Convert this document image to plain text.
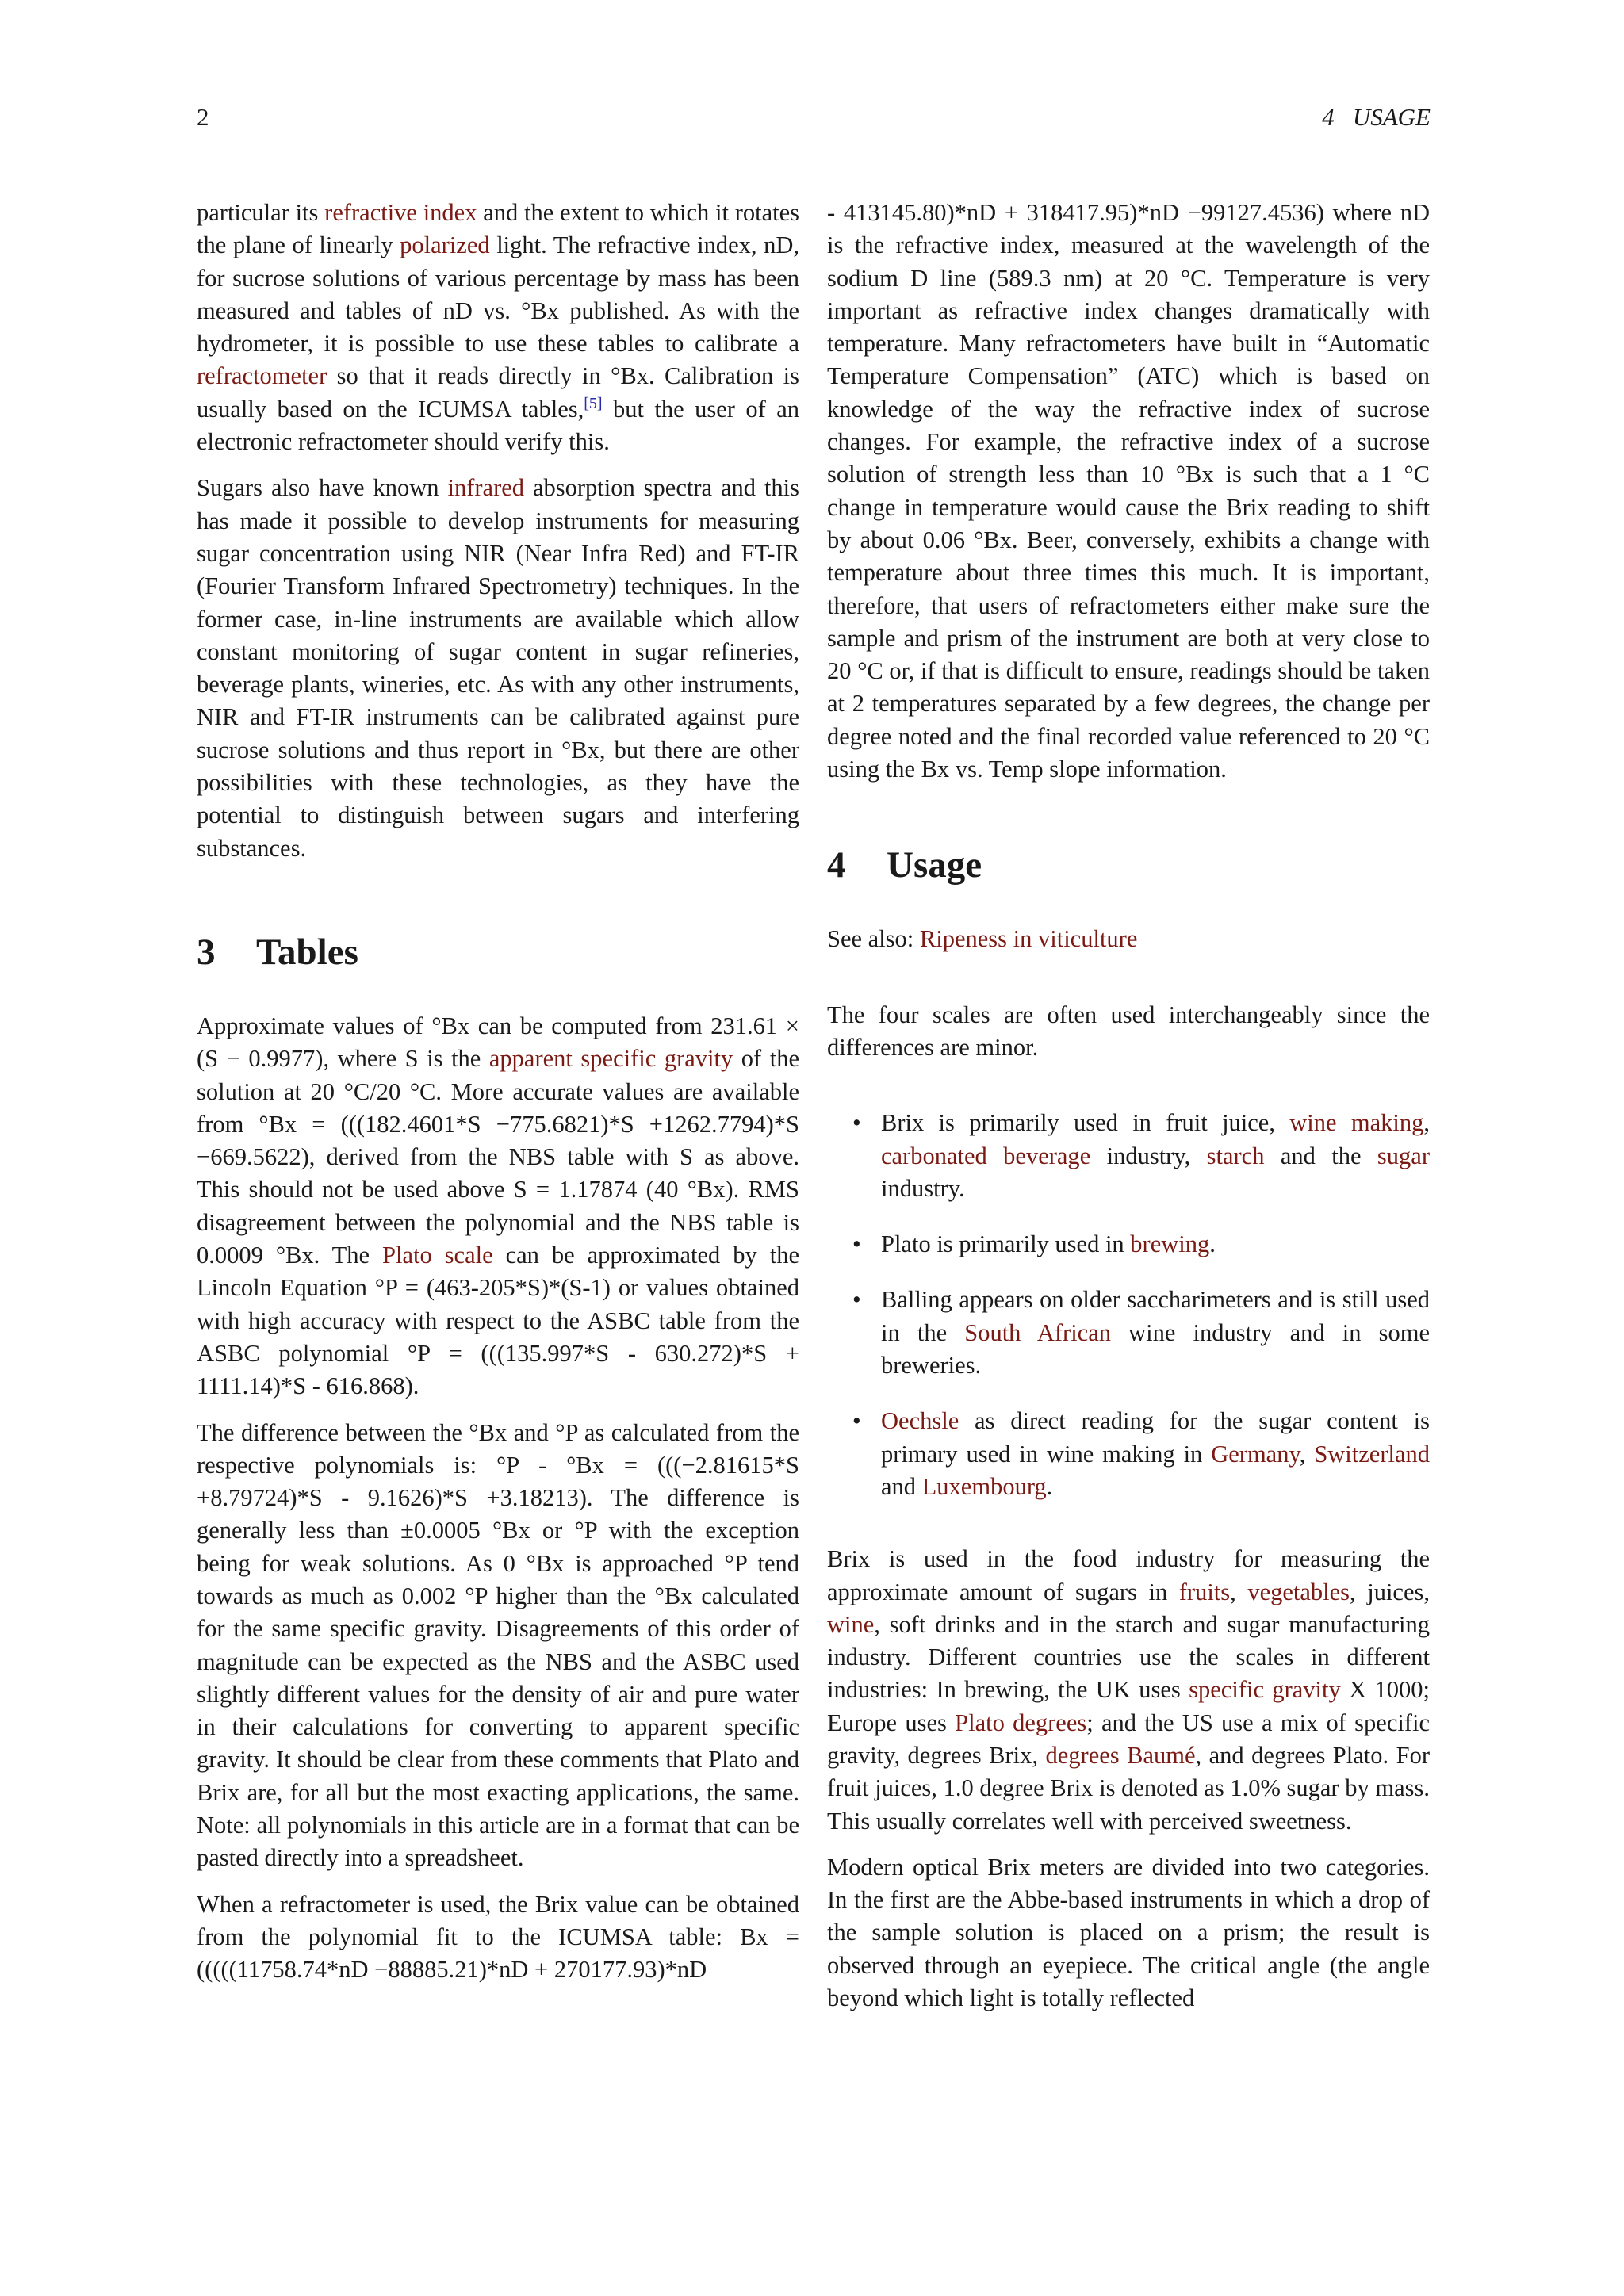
2	4   USAGE

particular its refractive index and the extent to which it rotates the plane of linearly polarized light. The refractive index, nD, for sucrose solutions of various percentage by mass has been measured and tables of nD vs. °Bx published. As with the hydrometer, it is possible to use these tables to calibrate a refractometer so that it reads directly in °Bx. Calibration is usually based on the ICUMSA tables,[5] but the user of an electronic refractometer should verify this.

Sugars also have known infrared absorption spectra and this has made it possible to develop instruments for measuring sugar concentration using NIR (Near Infra Red) and FT-IR (Fourier Transform Infrared Spectrometry) techniques. In the former case, in-line instruments are available which allow constant monitoring of sugar content in sugar refineries, beverage plants, wineries, etc. As with any other instruments, NIR and FT-IR instruments can be calibrated against pure sucrose solutions and thus report in °Bx, but there are other possibilities with these technologies, as they have the potential to distinguish between sugars and interfering substances.

3	Tables

Approximate values of °Bx can be computed from 231.61 × (S − 0.9977), where S is the apparent specific gravity of the solution at 20 °C/20 °C. More accurate values are available from °Bx = (((182.4601*S −775.6821)*S +1262.7794)*S −669.5622), derived from the NBS table with S as above. This should not be used above S = 1.17874 (40 °Bx). RMS disagreement between the polynomial and the NBS table is 0.0009 °Bx. The Plato scale can be approximated by the Lincoln Equation °P = (463-205*S)*(S-1) or values obtained with high accuracy with respect to the ASBC table from the ASBC polynomial °P = (((135.997*S - 630.272)*S + 1111.14)*S - 616.868).

The difference between the °Bx and °P as calculated from the respective polynomials is: °P - °Bx = (((−2.81615*S +8.79724)*S - 9.1626)*S +3.18213). The difference is generally less than ±0.0005 °Bx or °P with the exception being for weak solutions. As 0 °Bx is approached °P tend towards as much as 0.002 °P higher than the °Bx calculated for the same specific gravity. Disagreements of this order of magnitude can be expected as the NBS and the ASBC used slightly different values for the density of air and pure water in their calculations for converting to apparent specific gravity. It should be clear from these comments that Plato and Brix are, for all but the most exacting applications, the same. Note: all polynomials in this article are in a format that can be pasted directly into a spreadsheet.

When a refractometer is used, the Brix value can be obtained from the polynomial fit to the ICUMSA table: Bx = (((((11758.74*nD −88885.21)*nD + 270177.93)*nD

- 413145.80)*nD + 318417.95)*nD −99127.4536) where nD is the refractive index, measured at the wavelength of the sodium D line (589.3 nm) at 20 °C. Temperature is very important as refractive index changes dramatically with temperature. Many refractometers have built in “Automatic Temperature Compensation” (ATC) which is based on knowledge of the way the refractive index of sucrose changes. For example, the refractive index of a sucrose solution of strength less than 10 °Bx is such that a 1 °C change in temperature would cause the Brix reading to shift by about 0.06 °Bx. Beer, conversely, exhibits a change with temperature about three times this much. It is important, therefore, that users of refractometers either make sure the sample and prism of the instrument are both at very close to 20 °C or, if that is difficult to ensure, readings should be taken at 2 temperatures separated by a few degrees, the change per degree noted and the final recorded value referenced to 20 °C using the Bx vs. Temp slope information.

4	Usage

See also: Ripeness in viticulture

The four scales are often used interchangeably since the differences are minor.

• Brix is primarily used in fruit juice, wine making, carbonated beverage industry, starch and the sugar industry.
• Plato is primarily used in brewing.
• Balling appears on older saccharimeters and is still used in the South African wine industry and in some breweries.
• Oechsle as direct reading for the sugar content is primary used in wine making in Germany, Switzerland and Luxembourg.

Brix is used in the food industry for measuring the approximate amount of sugars in fruits, vegetables, juices, wine, soft drinks and in the starch and sugar manufacturing industry. Different countries use the scales in different industries: In brewing, the UK uses specific gravity X 1000; Europe uses Plato degrees; and the US use a mix of specific gravity, degrees Brix, degrees Baumé, and degrees Plato. For fruit juices, 1.0 degree Brix is denoted as 1.0% sugar by mass. This usually correlates well with perceived sweetness.

Modern optical Brix meters are divided into two categories. In the first are the Abbe-based instruments in which a drop of the sample solution is placed on a prism; the result is observed through an eyepiece. The critical angle (the angle beyond which light is totally reflected
